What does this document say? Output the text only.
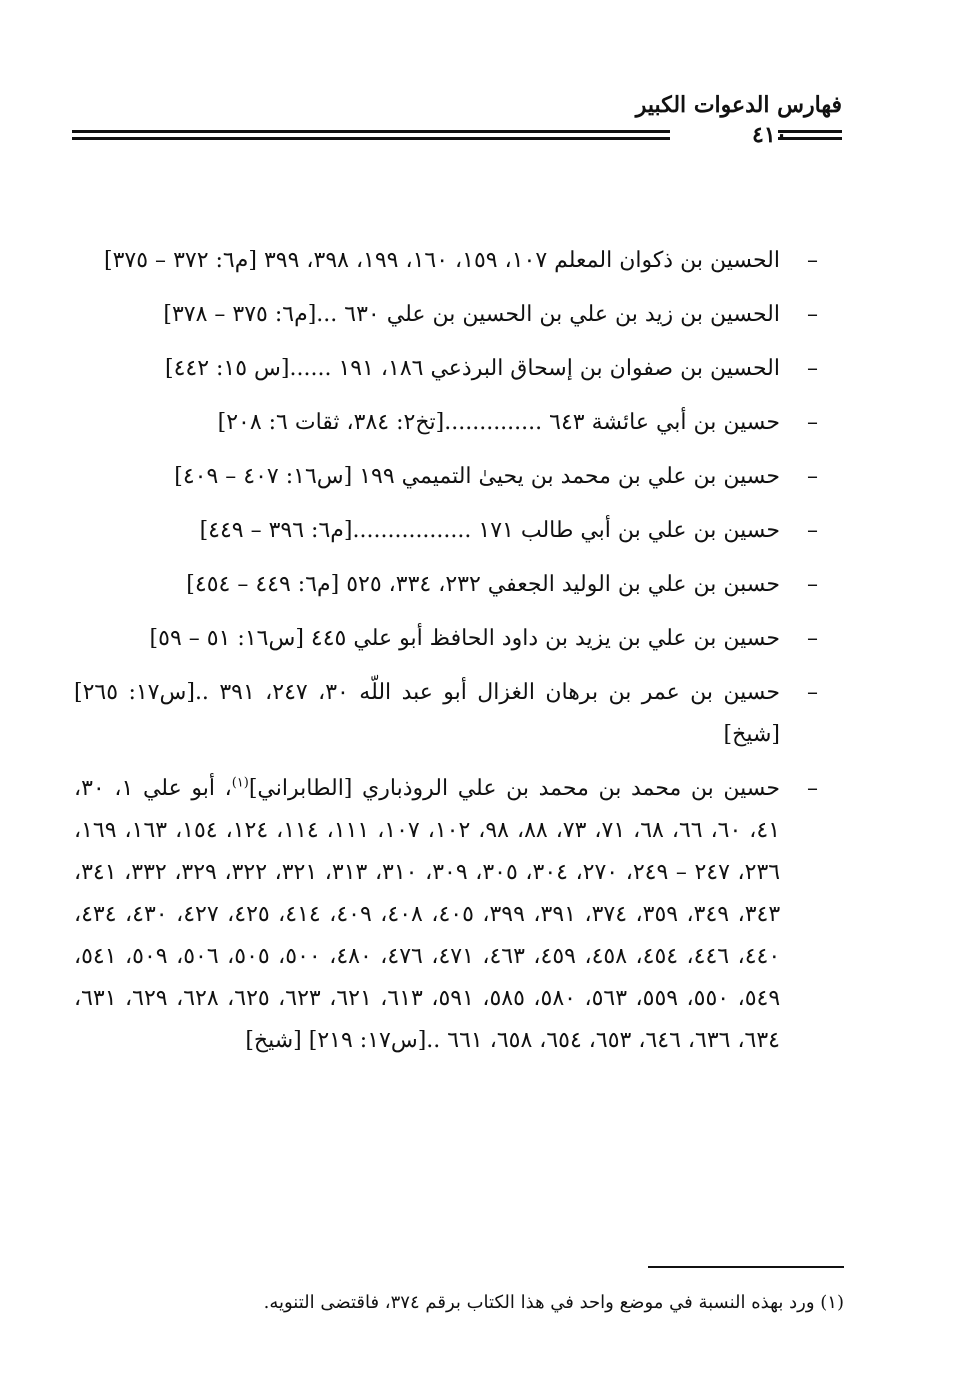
فهارس الدعوات الكبير
٤١٠
–
الحسين بن ذكوان المعلم ١٠٧، ١٥٩، ١٦٠، ١٩٩، ٣٩٨، ٣٩٩ [م٦: ٣٧٢ – ٣٧٥]
–
الحسين بن زيد بن علي بن الحسين بن علي ٦٣٠ ...[م٦: ٣٧٥ – ٣٧٨]
–
الحسين بن صفوان بن إسحاق البرذعي ١٨٦، ١٩١ ......[س ١٥: ٤٤٢]
–
حسين بن أبي عائشة ٦٤٣ ..............[تخ٢: ٣٨٤، ثقات ٦: ٢٠٨]
–
حسين بن علي بن محمد بن يحيىٰ التميمي ١٩٩ [س١٦: ٤٠٧ – ٤٠٩]
–
حسين بن علي بن أبي طالب ١٧١ .................[م٦: ٣٩٦ – ٤٤٩]
–
حسبن بن علي بن الوليد الجعفي ٢٣٢، ٣٣٤، ٥٢٥ [م٦: ٤٤٩ – ٤٥٤]
–
حسين بن علي بن يزيد بن داود الحافظ أبو علي ٤٤٥ [س١٦: ٥١ – ٥٩]
–
حسين بن عمر بن برهان الغزال أبو عبد اللّه ٣٠، ٢٤٧، ٣٩١ ..[س١٧: ٢٦٥] [شيخ]
–
حسين بن محمد بن محمد بن علي الروذباري [الطابراني]$^{(١)}$، أبو علي ١، ٣٠، ٤١، ٦٠، ٦٦، ٦٨، ٧١، ٧٣، ٨٨، ٩٨، ١٠٢، ١٠٧، ١١١، ١١٤، ١٢٤، ١٥٤، ١٦٣، ١٦٩، ٢٣٦، ٢٤٧ – ٢٤٩، ٢٧٠، ٣٠٤، ٣٠٥، ٣٠٩، ٣١٠، ٣١٣، ٣٢١، ٣٢٢، ٣٢٩، ٣٣٢، ٣٤١، ٣٤٣، ٣٤٩، ٣٥٩، ٣٧٤، ٣٩١، ٣٩٩، ٤٠٥، ٤٠٨، ٤٠٩، ٤١٤، ٤٢٥، ٤٢٧، ٤٣٠، ٤٣٤، ٤٤٠، ٤٤٦، ٤٥٤، ٤٥٨، ٤٥٩، ٤٦٣، ٤٧١، ٤٧٦، ٤٨٠، ٥٠٠، ٥٠٥، ٥٠٦، ٥٠٩، ٥٤١، ٥٤٩، ٥٥٠، ٥٥٩، ٥٦٣، ٥٨٠، ٥٨٥، ٥٩١، ٦١٣، ٦٢١، ٦٢٣، ٦٢٥، ٦٢٨، ٦٢٩، ٦٣١، ٦٣٤، ٦٣٦، ٦٤٦، ٦٥٣، ٦٥٤، ٦٥٨، ٦٦١ ..[س١٧: ٢١٩] [شيخ]
(١) ورد بهذه النسبة في موضع واحد في هذا الكتاب برقم ٣٧٤، فاقتضى التنويه.
